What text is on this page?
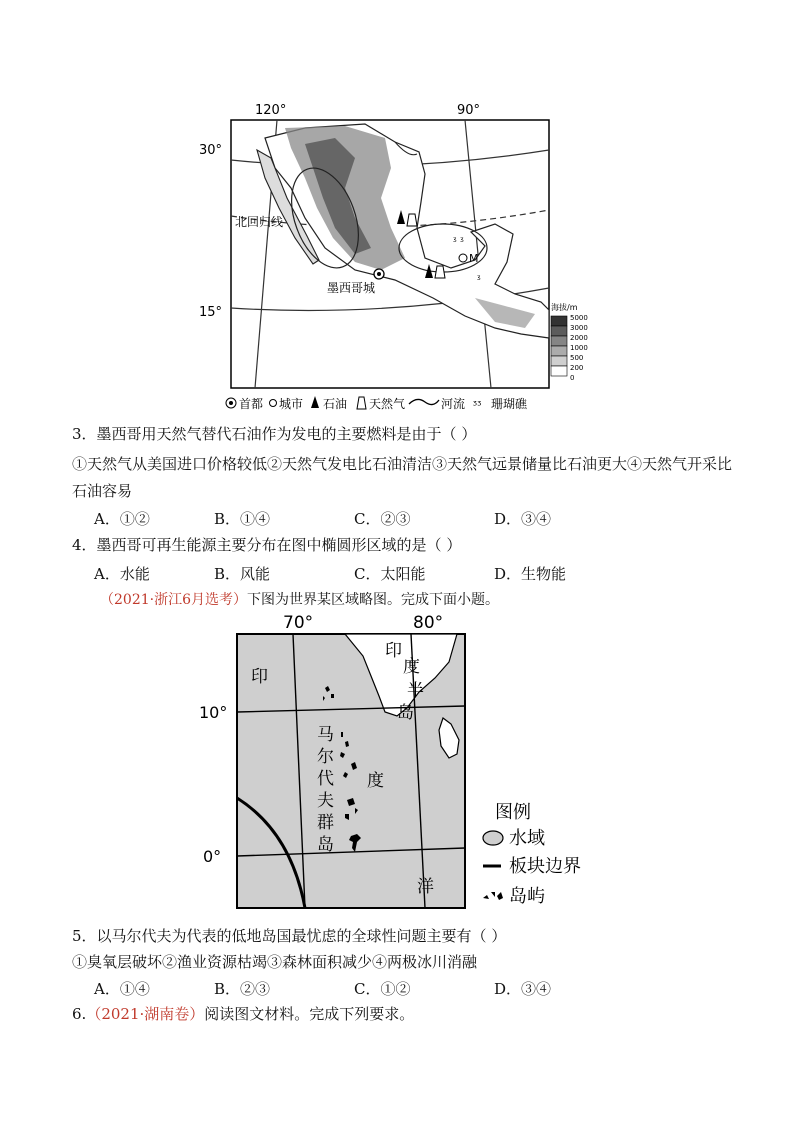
ᶾ ᶾ
ᶾ
M
墨西哥城
120°	90°
30°
15°
北回归线
海拔/m
5000
3000
2000
1000
500
200
0
首都 城市 石油 天然气	河流 ᶾᶾ 珊瑚礁
3．墨西哥用天然气替代石油作为发电的主要燃料是由于（ ）
①天然气从美国进口价格较低②天然气发电比石油清洁③天然气远景储量比石油更大④天然气开采比
石油容易
A．①②	B．①④	C．②③	D．③④
4．墨西哥可再生能源主要分布在图中椭圆形区域的是（ ）
A．水能	B．风能	C．太阳能	D．生物能
（2021·浙江6月选考）下图为世界某区域略图。完成下面小题。
70°	80°
10°
0°
印
度
半
岛
印
度
洋
马
尔
代
夫
群
岛
图例
水域
板块边界
岛屿
5．以马尔代夫为代表的低地岛国最忧虑的全球性问题主要有（ ）
①臭氧层破坏②渔业资源枯竭③森林面积减少④两极冰川消融
A．①④	B．②③	C．①②	D．③④
6.（2021·湖南卷）阅读图文材料。完成下列要求。
